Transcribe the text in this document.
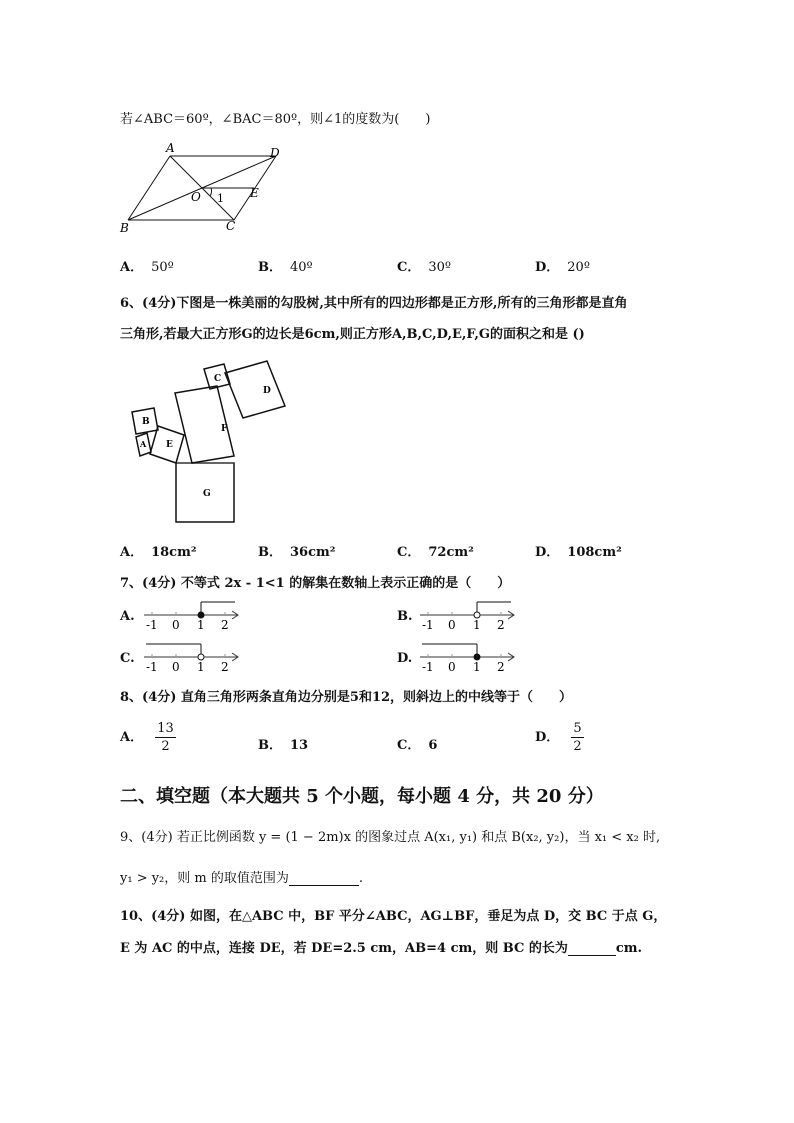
若∠ABC＝60º，∠BAC＝80º，则∠1的度数为(　　)
A	D
B	C
O	E
1
A． 50º	B． 40º	C． 30º	D． 20º
6、(4分)下图是一株美丽的勾股树,其中所有的四边形都是正方形,所有的三角形都是直角
三角形,若最大正方形G的边长是6cm,则正方形A,B,C,D,E,F,G的面积之和是 ()
G
F
E
A
B
C
D
A． 18cm²	B． 36cm²	C． 72cm²	D． 108cm²
7、(4分) 不等式 2x - 1<1 的解集在数轴上表示正确的是（　　）
A.
-1 0 1 2
B.
-1 0 1 2
C.
-1 0 1 2
D.
-1 0 1 2
8、(4分) 直角三角形两条直角边分别是5和12，则斜边上的中线等于（　　）
A． $\frac{13}{2}$	B． 13	C． 6
D． $\frac{5}{2}$
二、填空题（本大题共 5 个小题，每小题 4 分，共 20 分）
9、(4分) 若正比例函数 y = (1 − 2m)x 的图象过点 A(x₁, y₁) 和点 B(x₂, y₂)，当 x₁ < x₂ 时,
y₁ > y₂，则 m 的取值范围为	.
10、(4分) 如图，在△ABC 中，BF 平分∠ABC，AG⊥BF，垂足为点 D，交 BC 于点 G，
E 为 AC 的中点，连接 DE，若 DE=2.5 cm，AB=4 cm，则 BC 的长为	cm.
